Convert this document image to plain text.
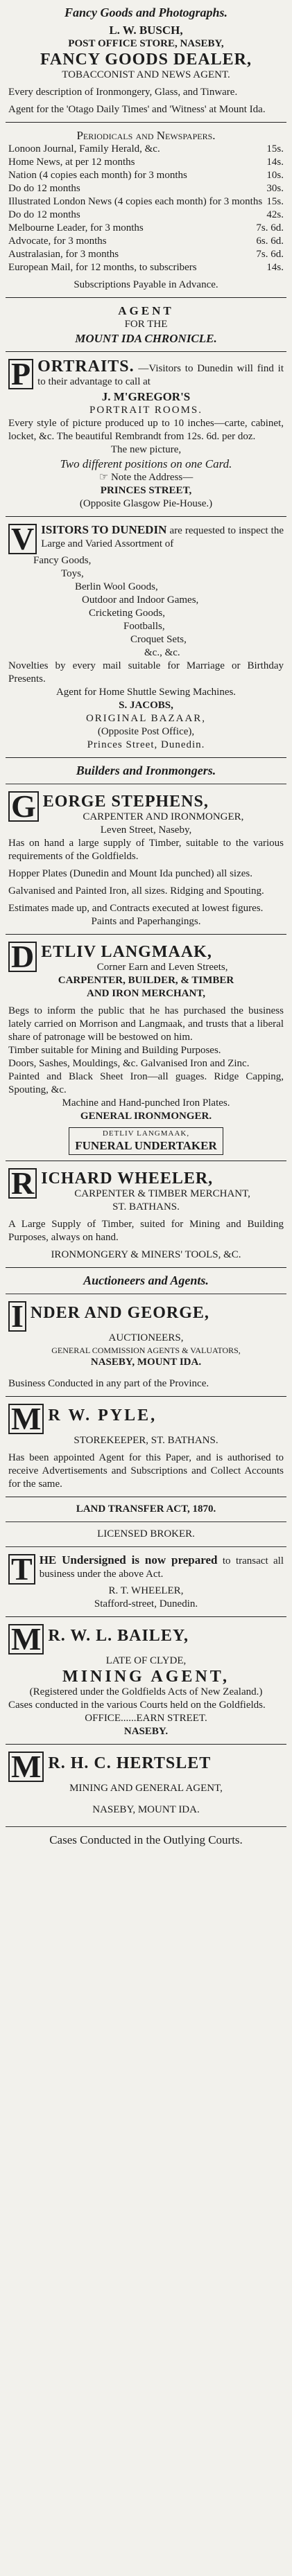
Fancy Goods and Photographs.
L. W. BUSCH,
POST OFFICE STORE, NASEBY,
FANCY GOODS DEALER,
TOBACCONIST AND NEWS AGENT.
Every description of Ironmongery, Glass, and Tinware.
Agent for the 'Otago Daily Times' and 'Witness' at Mount Ida.
Periodicals and Newspapers.
Lonoon Journal, Family Herald, &c.	15s.
Home News, at per 12 months	14s.
Nation (4 copies each month) for 3 months	10s.
Do do 12 months	30s.
Illustrated London News (4 copies each month) for 3 months 15s.
Do do 12 months	42s.
Melbourne Leader, for 3 months	7s. 6d.
Advocate, for 3 months	6s. 6d.
Australasian, for 3 months	7s. 6d.
European Mail, for 12 months, to subscribers	14s.
Subscriptions Payable in Advance.
AGENT
FOR THE
MOUNT IDA CHRONICLE.
P ORTRAITS. —Visitors to Dunedin will find it to their advantage to call at
J. M'GREGOR'S
PORTRAIT ROOMS.
Every style of picture produced up to 10 inches—carte, cabinet, locket, &c. The beautiful Rembrandt from 12s. 6d. per doz.
The new picture,
Two different positions on one Card.
☞ Note the Address—
PRINCES STREET,
(Opposite Glasgow Pie-House.)
V ISITORS TO DUNEDIN are requested to inspect the Large and Varied Assortment of
Fancy Goods,
Toys,
Berlin Wool Goods,
Outdoor and Indoor Games,
Cricketing Goods,
Footballs,
Croquet Sets,
&c., &c.
Novelties by every mail suitable for Marriage or Birthday Presents.
Agent for Home Shuttle Sewing Machines.
S. JACOBS,
ORIGINAL BAZAAR,
(Opposite Post Office),
Princes Street, Dunedin.
Builders and Ironmongers.
G EORGE STEPHENS,
CARPENTER AND IRONMONGER,
Leven Street, Naseby,
Has on hand a large supply of Timber, suitable to the various requirements of the Goldfields.
Hopper Plates (Dunedin and Mount Ida punched) all sizes.
Galvanised and Painted Iron, all sizes. Ridging and Spouting.
Estimates made up, and Contracts executed at lowest figures.
Paints and Paperhangings.
D ETLIV LANGMAAK,
Corner Earn and Leven Streets,
CARPENTER, BUILDER, & TIMBER
AND IRON MERCHANT,
Begs to inform the public that he has purchased the business lately carried on Morrison and Langmaak, and trusts that a liberal share of patronage will be bestowed on him.
Timber suitable for Mining and Building Purposes.
Doors, Sashes, Mouldings, &c. Galvanised Iron and Zinc.
Painted and Black Sheet Iron—all guages. Ridge Capping, Spouting, &c.
Machine and Hand-punched Iron Plates.
GENERAL IRONMONGER.
DETLIV LANGMAAK,
FUNERAL UNDERTAKER
R ICHARD WHEELER,
CARPENTER & TIMBER MERCHANT,
ST. BATHANS.
A Large Supply of Timber, suited for Mining and Building Purposes, always on hand.
IRONMONGERY & MINERS' TOOLS, &C.
Auctioneers and Agents.
I NDER AND GEORGE,
AUCTIONEERS,
GENERAL COMMISSION AGENTS & VALUATORS,
NASEBY, MOUNT IDA.
Business Conducted in any part of the Province.
M R W. PYLE,
STOREKEEPER, ST. BATHANS.
Has been appointed Agent for this Paper, and is authorised to receive Advertisements and Subscriptions and Collect Accounts for the same.
LAND TRANSFER ACT, 1870.
LICENSED BROKER.
T HE Undersigned is now prepared to transact all business under the above Act.
R. T. WHEELER,
Stafford-street, Dunedin.
M R. W. L. BAILEY,
LATE OF CLYDE,
MINING AGENT,
(Registered under the Goldfields Acts of New Zealand.)
Cases conducted in the various Courts held on the Goldfields.
OFFICE......EARN STREET.
NASEBY.
M R. H. C. HERTSLET
MINING AND GENERAL AGENT,
NASEBY, MOUNT IDA.
Cases Conducted in the Outlying Courts.
